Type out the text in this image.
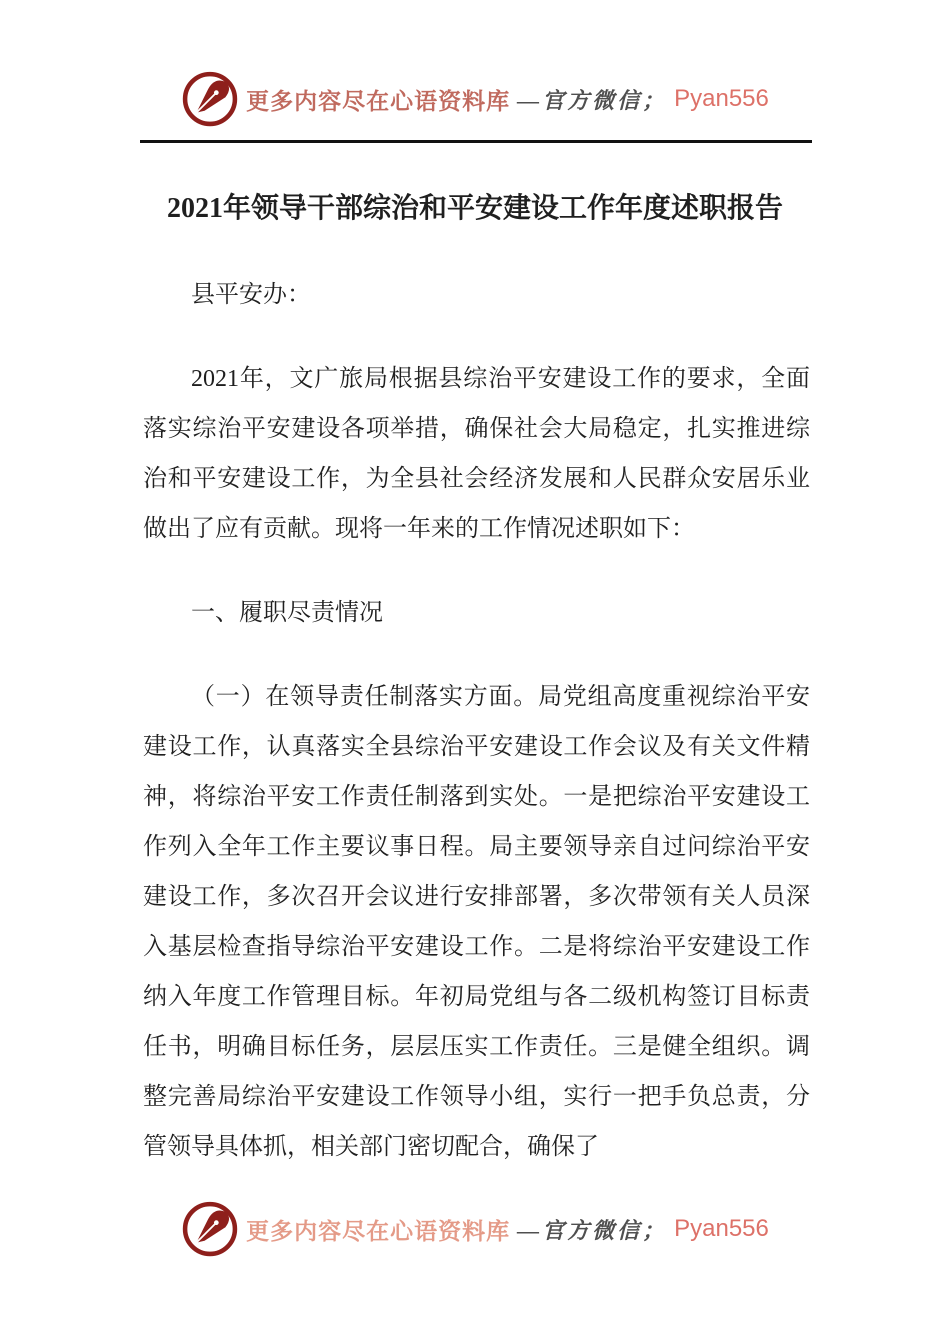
更多内容尽在心语资料库 —官方微信； Pyan556
2021年领导干部综治和平安建设工作年度述职报告

县平安办：

2021年，文广旅局根据县综治平安建设工作的要求，全面落实综治平安建设各项举措，确保社会大局稳定，扎实推进综治和平安建设工作，为全县社会经济发展和人民群众安居乐业做出了应有贡献。现将一年来的工作情况述职如下：

一、履职尽责情况

（一）在领导责任制落实方面。局党组高度重视综治平安建设工作，认真落实全县综治平安建设工作会议及有关文件精神，将综治平安工作责任制落到实处。一是把综治平安建设工作列入全年工作主要议事日程。局主要领导亲自过问综治平安建设工作，多次召开会议进行安排部署，多次带领有关人员深入基层检查指导综治平安建设工作。二是将综治平安建设工作纳入年度工作管理目标。年初局党组与各二级机构签订目标责任书，明确目标任务，层层压实工作责任。三是健全组织。调整完善局综治平安建设工作领导小组，实行一把手负总责，分管领导具体抓，相关部门密切配合，确保了

更多内容尽在心语资料库 —官方微信； Pyan556
